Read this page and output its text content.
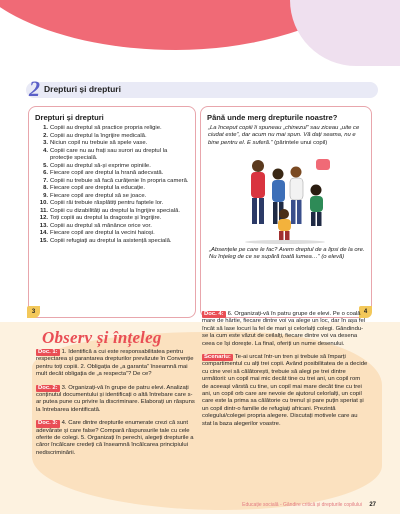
2 Drepturi și drepturi
Drepturi și drepturi
1. Copiii au dreptul să practice propria religie.
2. Copiii au dreptul la îngrijire medicală.
3. Niciun copil nu trebuie să spele vase.
4. Copiii care nu au frați sau surori au dreptul la protecție specială.
5. Copiii au dreptul să-și exprime opiniile.
6. Fiecare copil are dreptul la hrană adecvată.
7. Copiii nu trebuie să facă curățenie în propria cameră.
8. Fiecare copil are dreptul la educație.
9. Fiecare copil are dreptul să se joace.
10. Copiii răi trebuie răsplătiți pentru faptele lor.
11. Copiii cu dizabilități au dreptul la îngrijire specială.
12. Toți copiii au dreptul la dragoste și îngrijire.
13. Copiii au dreptul să mănânce orice vor.
14. Fiecare copil are dreptul la vecini haioși.
15. Copiii refugiați au dreptul la asistență specială.
3
Până unde merg drepturile noastre?

„La început copiii îi spuneau „chinezul” sau ziceau „uite ce ciudat este”, dar acum nu mai spun. Vă dați seama, nu e bine pentru el. E suferă.” (părintele unui copil)

„Absențele pe care le fac? Avem dreptul de a lipsi de la ore. Nu înțeleg de ce se supără toată lumea…” (o elevă)

4
Observ și înțeleg

Doc. 1: 1. Identifică a cui este responsabilitatea pentru respectarea și garantarea drepturilor prevăzute în Convenție pentru toți copiii. 2. Obligația de „a garanta” înseamnă mai mult decât obligația de „a respecta”? De ce?

Doc. 2: 3. Organizați-vă în grupe de patru elevi. Analizați conținutul documentului și identificați o altă întrebare care s-ar putea pune cu privire la discriminare. Elaborați un răspuns la întrebarea identificată.

Doc. 3: 4. Care dintre drepturile enumerate crezi că sunt adevărate și care false? Compară răspunsurile tale cu cele oferite de colegi. 5. Organizați în perechi, alegeți drepturile a căror încălcare credeți că înseamnă încălcarea principiului nediscriminării.

Doc. 4: 6. Organizați-vă în patru grupe de elevi. Pe o coală mare de hârtie, fiecare dintre voi va alege un loc, dar în așa fel încât să lase locuri la fel de mari și celorlalți colegi. Gândindu-se la cum este văzut de ceilalți, fiecare dintre voi va desena ceea ce își dorește. La final, oferiți un nume desenului.

Scenariu: Te-ai urcat într-un tren și trebuie să împarți compartimentul cu alți trei copii. Având posibilitatea de a decide cu cine vrei să călătorești, trebuie să alegi pe trei dintre următorii: un copil mai mic decât tine cu trei ani, un copil rom de aceeași vârstă cu tine, un copil mai mare decât tine cu trei ani, un copil orb care are nevoie de ajutorul celorlalți, un copil care este la prima sa călătorie cu trenul și pare puțin speriat și un copil dintr-o familie de refugiați africani. Prezintă colegului/colegei propria alegere. Discutați motivele care au stat la baza alegerilor voastre.

Educație socială - Gândire critică și drepturile copilului 27
